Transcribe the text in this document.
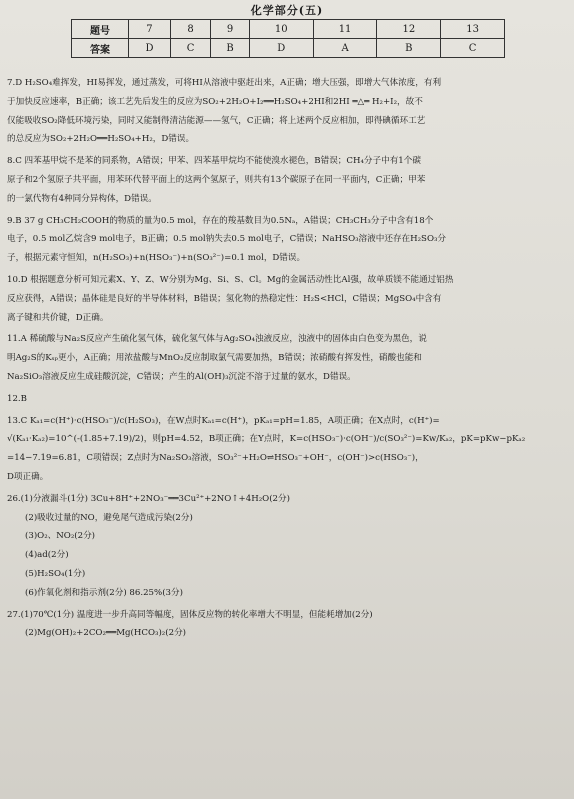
化学部分(五)
题号	7	8	9	10	11	12	13
答案	D	C	B	D	A	B	C

7.D H₂SO₄难挥发，HI易挥发，通过蒸发，可将HI从溶液中驱赶出来，A正确；增大压强，即增大气体浓度，有利

于加快反应速率，B正确；该工艺先后发生的反应为SO₂+2H₂O+I₂══H₂SO₄+2HI和2HI ═△═ H₂+I₂，故不

仅能吸收SO₂降低环境污染，同时又能制得清洁能源——氢气，C正确；将上述两个反应相加，即得碘循环工艺

的总反应为SO₂+2H₂O══H₂SO₄+H₂，D错误。

8.C 四苯基甲烷不是苯的同系物，A错误；甲苯、四苯基甲烷均不能使溴水褪色，B错误；CH₄分子中有1个碳

原子和2个氢原子共平面，用苯环代替平面上的这两个氢原子，则共有13个碳原子在同一平面内，C正确；甲苯

的一氯代物有4种同分异构体，D错误。

9.B 37 g CH₃CH₂COOH的物质的量为0.5 mol，存在的羧基数目为0.5Nₐ，A错误；CH₃CH₃分子中含有18个

电子，0.5 mol乙烷含9 mol电子，B正确；0.5 mol钠失去0.5 mol电子，C错误；NaHSO₃溶液中还存在H₂SO₃分

子，根据元素守恒知，n(H₂SO₃)+n(HSO₃⁻)+n(SO₃²⁻)=0.1 mol，D错误。

10.D 根据题意分析可知元素X、Y、Z、W分别为Mg、Si、S、Cl。Mg的金属活动性比Al强，故单质镁不能通过铝热

反应获得，A错误；晶体硅是良好的半导体材料，B错误；氢化物的热稳定性：H₂S<HCl，C错误；MgSO₄中含有

离子键和共价键，D正确。

11.A 稀硫酸与Na₂S反应产生硫化氢气体，硫化氢气体与Ag₂SO₄浊液反应，浊液中的固体由白色变为黑色，说

明Ag₂S的Kₛₚ更小，A正确；用浓盐酸与MnO₂反应制取氯气需要加热，B错误；浓硝酸有挥发性，硝酸也能和

Na₂SiO₃溶液反应生成硅酸沉淀，C错误；产生的Al(OH)₃沉淀不溶于过量的氨水，D错误。

12.B

13.C Kₐ₁=c(H⁺)·c(HSO₃⁻)/c(H₂SO₃)，在W点时Kₐ₁=c(H⁺)，pKₐ₁=pH=1.85，A项正确；在X点时，c(H⁺)=

√(Kₐ₁·Kₐ₂)=10^(-(1.85+7.19)/2)，则pH=4.52，B项正确；在Y点时，K=c(HSO₃⁻)·c(OH⁻)/c(SO₃²⁻)=Kw/Kₐ₂，pK=pKw−pKₐ₂

=14−7.19=6.81，C项错误；Z点时为Na₂SO₃溶液，SO₃²⁻+H₂O⇌HSO₃⁻+OH⁻，c(OH⁻)>c(HSO₃⁻)，

D项正确。

26.(1)分液漏斗(1分) 3Cu+8H⁺+2NO₃⁻══3Cu²⁺+2NO↑+4H₂O(2分)

(2)吸收过量的NO，避免尾气造成污染(2分)

(3)O₂、NO₂(2分)

(4)ad(2分)

(5)H₂SO₄(1分)

(6)作氧化剂和指示剂(2分) 86.25%(3分)

27.(1)70℃(1分) 温度进一步升高同等幅度，固体反应物的转化率增大不明显，但能耗增加(2分)

(2)Mg(OH)₂+2CO₂══Mg(HCO₃)₂(2分)
